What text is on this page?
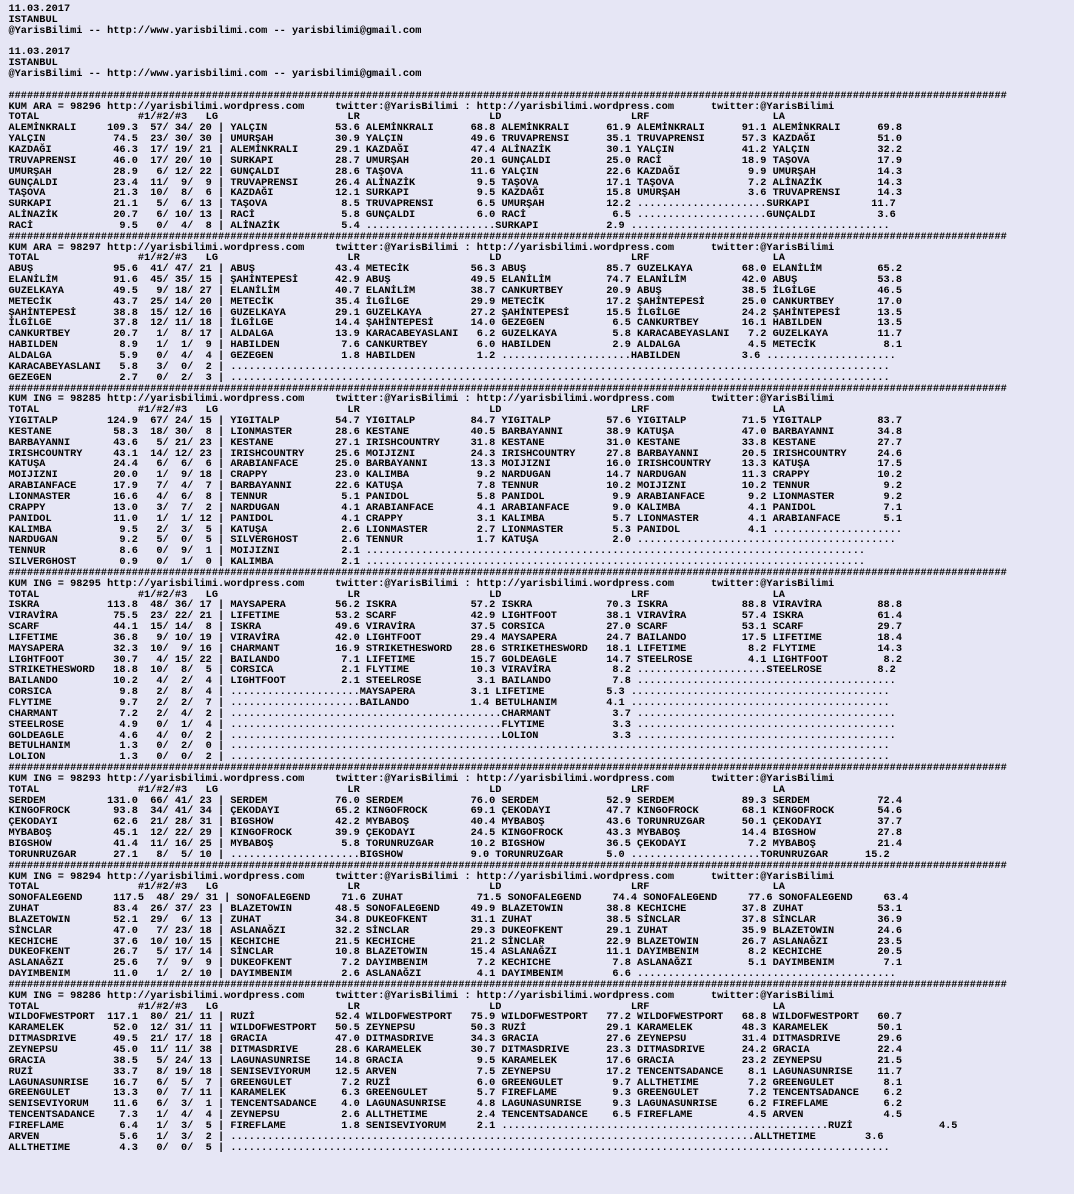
11.03.2017
ISTANBUL
@YarisBilimi -- http://www.yarisbilimi.com -- yarisbilimi@gmail.com

11.03.2017
ISTANBUL
@YarisBilimi -- http://www.yarisbilimi.com -- yarisbilimi@gmail.com

##################################################################################################################################################################
KUM ARA = 98296 http://yarisbilimi.wordpress.com     twitter:@YarisBilimi : http://yarisbilimi.wordpress.com      twitter:@YarisBilimi
TOTAL                #1/#2/#3   LG                     LR                     LD                     LRF                    LA
ALEMİNKRALI     109.3  57/ 34/ 20 | YALÇIN           53.6 ALEMİNKRALI      68.8 ALEMİNKRALI      61.9 ALEMİNKRALI      91.1 ALEMİNKRALI      69.8
YALÇIN           74.5  23/ 30/ 30 | UMURŞAH          30.9 YALÇIN           49.6 TRUVAPRENSI      35.1 TRUVAPRENSI      57.3 KAZDAĞI          51.0
KAZDAĞI          46.3  17/ 19/ 21 | ALEMİNKRALI      29.1 KAZDAĞI          47.4 ALİNAZİK         30.1 YALÇIN           41.2 YALÇIN           32.2
TRUVAPRENSI      46.0  17/ 20/ 10 | SURKAPI          28.7 UMURŞAH          20.1 GUNÇALDI         25.0 RACİ             18.9 TAŞOVA           17.9
UMURŞAH          28.9   6/ 12/ 22 | GUNÇALDI         28.6 TAŞOVA           11.6 YALÇIN           22.6 KAZDAĞI           9.9 UMURŞAH          14.3
GUNÇALDI         23.4  11/  9/  9 | TRUVAPRENSI      26.4 ALİNAZİK          9.5 TAŞOVA           17.1 TAŞOVA            7.2 ALİNAZİK         14.3
TAŞOVA           21.3  10/  8/  6 | KAZDAĞI          12.1 SURKAPI           9.5 KAZDAĞI          15.8 UMURŞAH           3.6 TRUVAPRENSI      14.3
SURKAPI          21.1   5/  6/ 13 | TAŞOVA            8.5 TRUVAPRENSI       6.5 UMURŞAH          12.2 .....................SURKAPI          11.7
ALİNAZİK         20.7   6/ 10/ 13 | RACİ              5.8 GUNÇALDI          6.0 RACİ              6.5 .....................GUNÇALDI          3.6
RACİ              9.5   0/  4/  8 | ALİNAZİK          5.4 .....................SURKAPI           2.9 ..........................................
##################################################################################################################################################################
KUM ARA = 98297 http://yarisbilimi.wordpress.com     twitter:@YarisBilimi : http://yarisbilimi.wordpress.com      twitter:@YarisBilimi
TOTAL                #1/#2/#3   LG                     LR                     LD                     LRF                    LA
ABUŞ             95.6  41/ 47/ 21 | ABUŞ             43.4 METECİK          56.3 ABUŞ             85.7 GUZELKAYA        68.0 ELANİLİM         65.2
ELANİLİM         91.6  45/ 35/ 15 | ŞAHİNTEPESİ      42.9 ABUŞ             49.5 ELANİLİM         74.7 ELANİLİM         42.0 ABUŞ             53.8
GUZELKAYA        49.5   9/ 18/ 27 | ELANİLİM         40.7 ELANİLİM         38.7 CANKURTBEY       20.9 ABUŞ             38.5 İLGİLGE          46.5
METECİK          43.7  25/ 14/ 20 | METECİK          35.4 İLGİLGE          29.9 METECİK          17.2 ŞAHİNTEPESİ      25.0 CANKURTBEY       17.0
ŞAHİNTEPESİ      38.8  15/ 12/ 16 | GUZELKAYA        29.1 GUZELKAYA        27.2 ŞAHİNTEPESİ      15.5 İLGİLGE          24.2 ŞAHİNTEPESİ      13.5
İLGİLGE          37.8  12/ 11/ 18 | İLGİLGE          14.4 ŞAHİNTEPESİ      14.0 GEZEGEN           6.5 CANKURTBEY       16.1 HABILDEN         13.5
CANKURTBEY       20.7   1/  8/ 17 | ALDALGA          13.9 KARACABEYASLANI   6.2 GUZELKAYA         5.8 KARACABEYASLANI   7.2 GUZELKAYA        11.7
HABILDEN          8.9   1/  1/  9 | HABILDEN          7.6 CANKURTBEY        6.0 HABILDEN          2.9 ALDALGA           4.5 METECİK           8.1
ALDALGA           5.9   0/  4/  4 | GEZEGEN           1.8 HABILDEN          1.2 .....................HABILDEN          3.6 .....................
KARACABEYASLANI   5.8   3/  0/  2 | ...........................................................................................................
GEZEGEN           2.7   0/  2/  3 | ...........................................................................................................
##################################################################################################################################################################
KUM ING = 98285 http://yarisbilimi.wordpress.com     twitter:@YarisBilimi : http://yarisbilimi.wordpress.com      twitter:@YarisBilimi
TOTAL                #1/#2/#3   LG                     LR                     LD                     LRF                    LA
YIGITALP        124.9  67/ 24/ 15 | YIGITALP         54.7 YIGITALP         84.7 YIGITALP         57.6 YIGITALP         71.5 YIGITALP         83.7
KESTANE          58.3  18/ 30/  8 | LIONMASTER       28.6 KESTANE          40.5 BARBAYANNI       38.9 KATUŞA           47.0 BARBAYANNI       34.8
BARBAYANNI       43.6   5/ 21/ 23 | KESTANE          27.1 IRISHCOUNTRY     31.8 KESTANE          31.0 KESTANE          33.8 KESTANE          27.7
IRISHCOUNTRY     43.1  14/ 12/ 23 | IRISHCOUNTRY     25.6 MOIJIZNI         24.3 IRISHCOUNTRY     27.8 BARBAYANNI       20.5 IRISHCOUNTRY     24.6
KATUŞA           24.4   6/  6/  6 | ARABIANFACE      25.0 BARBAYANNI       13.3 MOIJIZNI         16.0 IRISHCOUNTRY     13.3 KATUŞA           17.5
MOIJIZNI         20.0   1/  9/ 18 | CRAPPY           23.0 KALIMBA           9.2 NARDUGAN         14.7 NARDUGAN         11.3 CRAPPY           10.2
ARABIANFACE      17.9   7/  4/  7 | BARBAYANNI       22.6 KATUŞA            7.8 TENNUR           10.2 MOIJIZNI         10.2 TENNUR            9.2
LIONMASTER       16.6   4/  6/  8 | TENNUR            5.1 PANIDOL           5.8 PANIDOL           9.9 ARABIANFACE       9.2 LIONMASTER        9.2
CRAPPY           13.0   3/  7/  2 | NARDUGAN          4.1 ARABIANFACE       4.1 ARABIANFACE       9.0 KALIMBA           4.1 PANIDOL           7.1
PANIDOL          11.0   1/  1/ 12 | PANIDOL           4.1 CRAPPY            3.1 KALIMBA           5.7 LIONMASTER        4.1 ARABIANFACE       5.1
KALIMBA           9.5   2/  3/  5 | KATUŞA            2.6 LIONMASTER        2.7 LIONMASTER        5.3 PANIDOL           4.1 .....................
NARDUGAN          9.2   5/  0/  5 | SILVERGHOST       2.6 TENNUR            1.7 KATUŞA            2.0 ..........................................
TENNUR            8.6   0/  9/  1 | MOIJIZNI          2.1 .................................................................................
SILVERGHOST       0.9   0/  1/  0 | KALIMBA           2.1 .................................................................................
##################################################################################################################################################################
KUM ING = 98295 http://yarisbilimi.wordpress.com     twitter:@YarisBilimi : http://yarisbilimi.wordpress.com      twitter:@YarisBilimi
TOTAL                #1/#2/#3   LG                     LR                     LD                     LRF                    LA
ISKRA           113.8  48/ 36/ 17 | MAYSAPERA        56.2 ISKRA            57.2 ISKRA            70.3 ISKRA            88.8 VIRAVİRA         88.8
VIRAVİRA         75.5  23/ 22/ 21 | LIFETIME         53.2 SCARF            42.9 LIGHTFOOT        38.1 VIRAVİRA         57.4 ISKRA            61.4
SCARF            44.1  15/ 14/  8 | ISKRA            49.6 VIRAVİRA         37.5 CORSICA          27.0 SCARF            53.1 SCARF            29.7
LIFETIME         36.8   9/ 10/ 19 | VIRAVİRA         42.0 LIGHTFOOT        29.4 MAYSAPERA        24.7 BAILANDO         17.5 LIFETIME         18.4
MAYSAPERA        32.3  10/  9/ 16 | CHARMANT         16.9 STRIKETHESWORD   28.6 STRIKETHESWORD   18.1 LIFETIME          8.2 FLYTIME          14.3
LIGHTFOOT        30.7   4/ 15/ 22 | BAILANDO          7.1 LIFETIME         15.7 GOLDEAGLE        14.7 STEELROSE         4.1 LIGHTFOOT         8.2
STRIKETHESWORD   18.8  10/  8/  5 | CORSICA           2.1 FLYTIME          10.3 VIRAVİRA          8.2 .....................STEELROSE         8.2
BAILANDO         10.2   4/  2/  4 | LIGHTFOOT         2.1 STEELROSE         3.1 BAILANDO          7.8 ..........................................
CORSICA           9.8   2/  8/  4 | .....................MAYSAPERA         3.1 LIFETIME          5.3 ..........................................
FLYTIME           9.7   2/  2/  7 | .....................BAILANDO          1.4 BETULHANIM        4.1 ..........................................
CHARMANT          7.2   2/  4/  2 | ............................................CHARMANT          3.7 ..........................................
STEELROSE         4.9   0/  1/  4 | ............................................FLYTIME           3.3 ..........................................
GOLDEAGLE         4.6   4/  0/  2 | ............................................LOLION            3.3 ..........................................
BETULHANIM        1.3   0/  2/  0 | ...........................................................................................................
LOLION            1.3   0/  0/  2 | ...........................................................................................................
##################################################################################################################################################################
KUM ING = 98293 http://yarisbilimi.wordpress.com     twitter:@YarisBilimi : http://yarisbilimi.wordpress.com      twitter:@YarisBilimi
TOTAL                #1/#2/#3   LG                     LR                     LD                     LRF                    LA
SERDEM          131.0  66/ 41/ 23 | SERDEM           76.0 SERDEM           76.0 SERDEM           52.9 SERDEM           89.3 SERDEM           72.4
KINGOFROCK       93.8  34/ 41/ 34 | ÇEKODAYI         65.2 KINGOFROCK       69.1 ÇEKODAYI         47.7 KINGOFROCK       68.1 KINGOFROCK       54.6
ÇEKODAYI         62.6  21/ 28/ 31 | BIGSHOW          42.2 MYBABOŞ          40.4 MYBABOŞ          43.6 TORUNRUZGAR      50.1 ÇEKODAYI         37.7
MYBABOŞ          45.1  12/ 22/ 29 | KINGOFROCK       39.9 ÇEKODAYI         24.5 KINGOFROCK       43.3 MYBABOŞ          14.4 BIGSHOW          27.8
BIGSHOW          41.4  11/ 16/ 25 | MYBABOŞ           5.8 TORUNRUZGAR      10.2 BIGSHOW          36.5 ÇEKODAYI          7.2 MYBABOŞ          21.4
TORUNRUZGAR      27.1   8/  5/ 10 | .....................BIGSHOW           9.0 TORUNRUZGAR       5.0 .....................TORUNRUZGAR      15.2
##################################################################################################################################################################
KUM ING = 98294 http://yarisbilimi.wordpress.com     twitter:@YarisBilimi : http://yarisbilimi.wordpress.com      twitter:@YarisBilimi
TOTAL                #1/#2/#3   LG                     LR                     LD                     LRF                    LA
SONOFALEGEND     117.5  48/ 29/ 31 | SONOFALEGEND     71.6 ZUHAT            71.5 SONOFALEGEND     74.4 SONOFALEGEND     77.6 SONOFALEGEND     63.4
ZUHAT            83.4  26/ 37/ 23 | BLAZETOWIN       48.5 SONOFALEGEND     49.9 BLAZETOWIN       38.8 KECHICHE         37.8 ZUHAT            53.1
BLAZETOWIN       52.1  29/  6/ 13 | ZUHAT            34.8 DUKEOFKENT       31.1 ZUHAT            38.5 SİNCLAR          37.8 SİNCLAR          36.9
SİNCLAR          47.0   7/ 23/ 18 | ASLANAĞZI        32.2 SİNCLAR          29.3 DUKEOFKENT       29.1 ZUHAT            35.9 BLAZETOWIN       24.6
KECHICHE         37.6  10/ 10/ 15 | KECHICHE         21.5 KECHICHE         21.2 SİNCLAR          22.9 BLAZETOWIN       26.7 ASLANAĞZI        23.5
DUKEOFKENT       26.7   5/ 17/ 14 | SİNCLAR          10.8 BLAZETOWIN       15.4 ASLANAĞZI        11.1 DAYIMBENIM        8.2 KECHICHE         20.5
ASLANAĞZI        25.6   7/  9/  9 | DUKEOFKENT        7.2 DAYIMBENIM        7.2 KECHICHE          7.8 ASLANAĞZI         5.1 DAYIMBENIM        7.1
DAYIMBENIM       11.0   1/  2/ 10 | DAYIMBENIM        2.6 ASLANAĞZI         4.1 DAYIMBENIM        6.6 ..........................................
##################################################################################################################################################################
KUM ING = 98286 http://yarisbilimi.wordpress.com     twitter:@YarisBilimi : http://yarisbilimi.wordpress.com      twitter:@YarisBilimi
TOTAL                #1/#2/#3   LG                     LR                     LD                     LRF                    LA
WILDOFWESTPORT  117.1  80/ 21/ 11 | RUZİ             52.4 WILDOFWESTPORT   75.9 WILDOFWESTPORT   77.2 WILDOFWESTPORT   68.8 WILDOFWESTPORT   60.7
KARAMELEK        52.0  12/ 31/ 11 | WILDOFWESTPORT   50.5 ZEYNEPSU         50.3 RUZİ             29.1 KARAMELEK        48.3 KARAMELEK        50.1
DITMASDRIVE      49.5  21/ 17/ 18 | GRACIA           47.0 DITMASDRIVE      34.3 GRACIA           27.6 ZEYNEPSU         31.4 DITMASDRIVE      29.6
ZEYNEPSU         45.0  11/ 11/ 38 | DITMASDRIVE      28.6 KARAMELEK        30.7 DITMASDRIVE      23.3 DITMASDRIVE      24.2 GRACIA           22.4
GRACIA           38.5   5/ 24/ 13 | LAGUNASUNRISE    14.8 GRACIA            9.5 KARAMELEK        17.6 GRACIA           23.2 ZEYNEPSU         21.5
RUZİ             33.7   8/ 19/ 18 | SENISEVIYORUM    12.5 ARVEN             7.5 ZEYNEPSU         17.2 TENCENTSADANCE    8.1 LAGUNASUNRISE    11.7
LAGUNASUNRISE    16.7   6/  5/  7 | GREENGULET        7.2 RUZİ              6.0 GREENGULET        9.7 ALLTHETIME        7.2 GREENGULET        8.1
GREENGULET       13.3   0/  7/ 11 | KARAMELEK         6.3 GREENGULET        5.7 FIREFLAME         9.3 GREENGULET        7.2 TENCENTSADANCE    6.2
SENISEVIYORUM    11.6   6/  3/  1 | TENCENTSADANCE    4.0 LAGUNASUNRISE     4.8 LAGUNASUNRISE     9.3 LAGUNASUNRISE     6.2 FIREFLAME         6.2
TENCENTSADANCE    7.3   1/  4/  4 | ZEYNEPSU          2.6 ALLTHETIME        2.4 TENCENTSADANCE    6.5 FIREFLAME         4.5 ARVEN             4.5
FIREFLAME         6.4   1/  3/  5 | FIREFLAME         1.8 SENISEVIYORUM     2.1 .....................................................RUZİ              4.5
ARVEN             5.6   1/  3/  2 | .....................................................................................ALLTHETIME        3.6
ALLTHETIME        4.3   0/  0/  5 | ...........................................................................................................
